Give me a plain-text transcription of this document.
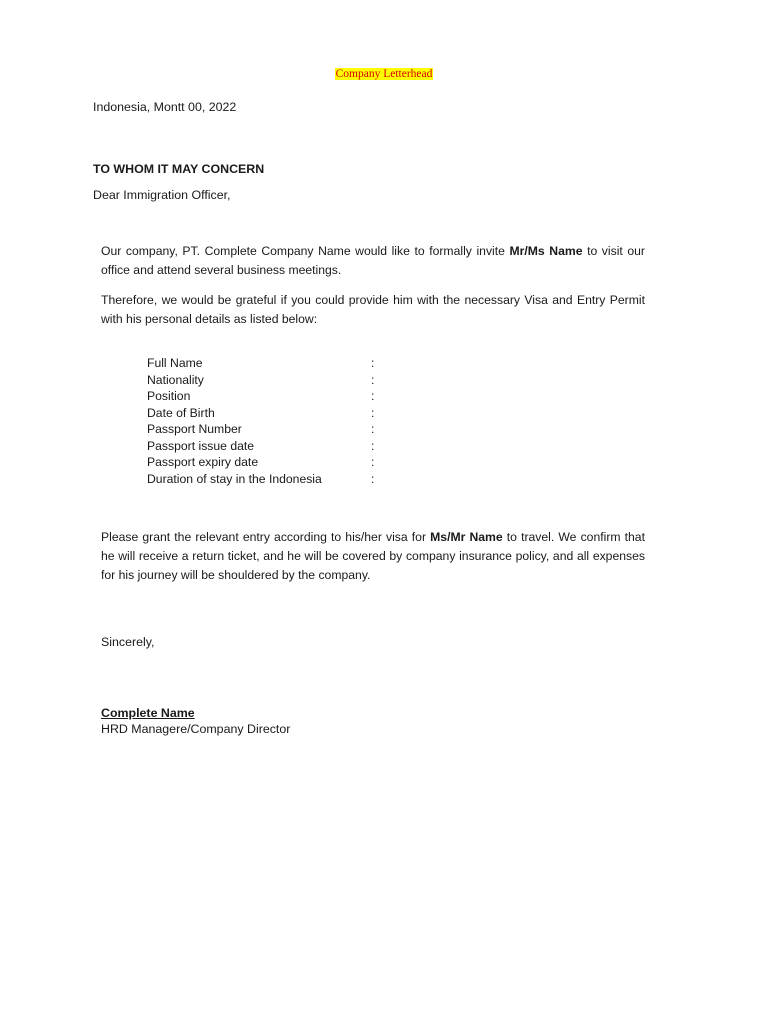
Company Letterhead
Indonesia, Montt 00, 2022
TO WHOM IT MAY CONCERN
Dear Immigration Officer,
Our company, PT. Complete Company Name would like to formally invite Mr/Ms Name to visit our office and attend several business meetings.
Therefore, we would be grateful if you could provide him with the necessary Visa and Entry Permit with his personal details as listed below:
Full Name	:
Nationality	:
Position	:
Date of Birth	:
Passport Number	:
Passport issue date	:
Passport expiry date	:
Duration of stay in the Indonesia	:
Please grant the relevant entry according to his/her visa for Ms/Mr Name to travel. We confirm that he will receive a return ticket, and he will be covered by company insurance policy, and all expenses for his journey will be shouldered by the company.
Sincerely,
Complete Name
HRD Managere/Company Director
